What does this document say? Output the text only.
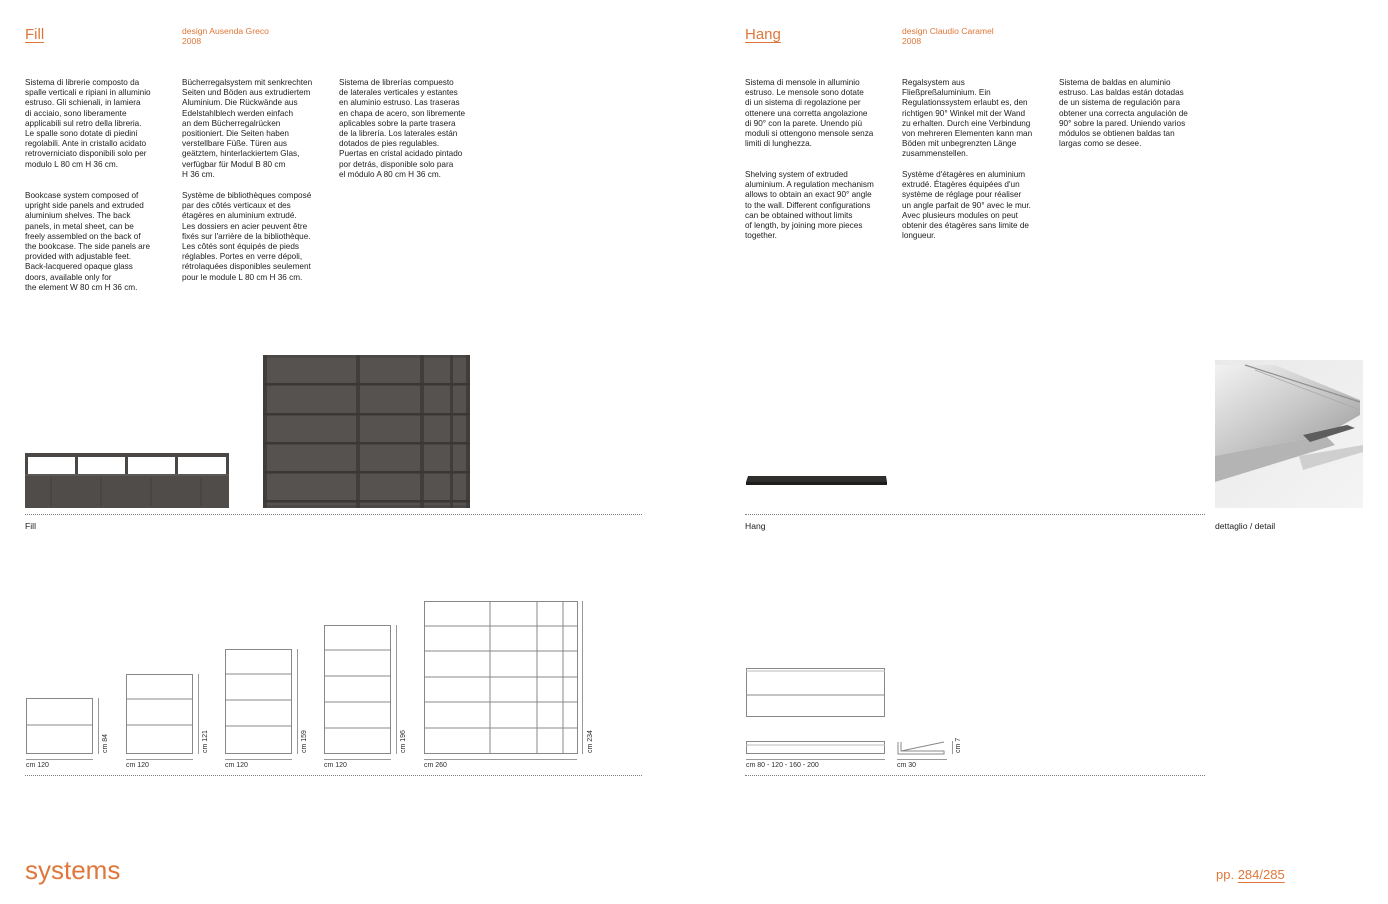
Fill	design Ausenda Greco
2008
Sistema di librerie composto da
spalle verticali e ripiani in alluminio
estruso. Gli schienali, in lamiera
di acciaio, sono liberamente
applicabili sul retro della libreria.
Le spalle sono dotate di piedini
regolabili. Ante in cristallo acidato
retroverniciato disponibili solo per
modulo L 80 cm H 36 cm.
Bücherregalsystem mit senkrechten
Seiten und Böden aus extrudiertem
Aluminium. Die Rückwände aus
Edelstahlblech werden einfach
an dem Bücherregalrücken
positioniert. Die Seiten haben
verstellbare Füße. Türen aus
geätztem, hinterlackiertem Glas,
verfügbar für Modul B 80 cm
H 36 cm.
Sistema de librerías compuesto
de laterales verticales y estantes
en aluminio estruso. Las traseras
en chapa de acero, son libremente
aplicables sobre la parte trasera
de la librería. Los laterales están
dotados de pies regulables.
Puertas en cristal acidado pintado
por detrás, disponible solo para
el módulo A 80 cm H 36 cm.
Bookcase system composed of
upright side panels and extruded
aluminium shelves. The back
panels, in metal sheet, can be
freely assembled on the back of
the bookcase. The side panels are
provided with adjustable feet.
Back-lacquered opaque glass
doors, available only for
the element W 80 cm H 36 cm.
Système de bibliothèques composé
par des côtés verticaux et des
étagères en aluminium extrudé.
Les dossiers en acier peuvent être
fixés sur l'arrière de la bibliothèque.
Les côtés sont équipés de pieds
réglables. Portes en verre dépoli,
rétrolaquées disponibles seulement
pour le module L 80 cm H 36 cm.
Fill
cm 120	cm 120	cm 120	cm 120	cm 260
cm 84	cm 121	cm 159	cm 196	cm 234
Hang	design Claudio Caramel
2008
Sistema di mensole in alluminio
estruso. Le mensole sono dotate
di un sistema di regolazione per
ottenere una corretta angolazione
di 90° con la parete. Unendo più
moduli si ottengono mensole senza
limiti di lunghezza.
Regalsystem aus
Fließpreßaluminium. Ein
Regulationssystem erlaubt es, den
richtigen 90° Winkel mit der Wand
zu erhalten. Durch eine Verbindung
von mehreren Elementen kann man
Böden mit unbegrenzten Länge
zusammenstellen.
Sistema de baldas en aluminio
estruso. Las baldas están dotadas
de un sistema de regulación para
obtener una correcta angulación de
90° sobre la pared. Uniendo varios
módulos se obtienen baldas tan
largas como se desee.
Shelving system of extruded
aluminium. A regulation mechanism
allows to obtain an exact 90° angle
to the wall. Different configurations
can be obtained without limits
of length, by joining more pieces
together.
Système d'étagères en aluminium
extrudé. Étagères équipées d'un
système de réglage pour réaliser
un angle parfait de 90° avec le mur.
Avec plusieurs modules on peut
obtenir des étagères sans limite de
longueur.
Hang	dettaglio / detail
cm 80 - 120 - 160 - 200	cm 30
cm 7
systems	pp. 284/285
